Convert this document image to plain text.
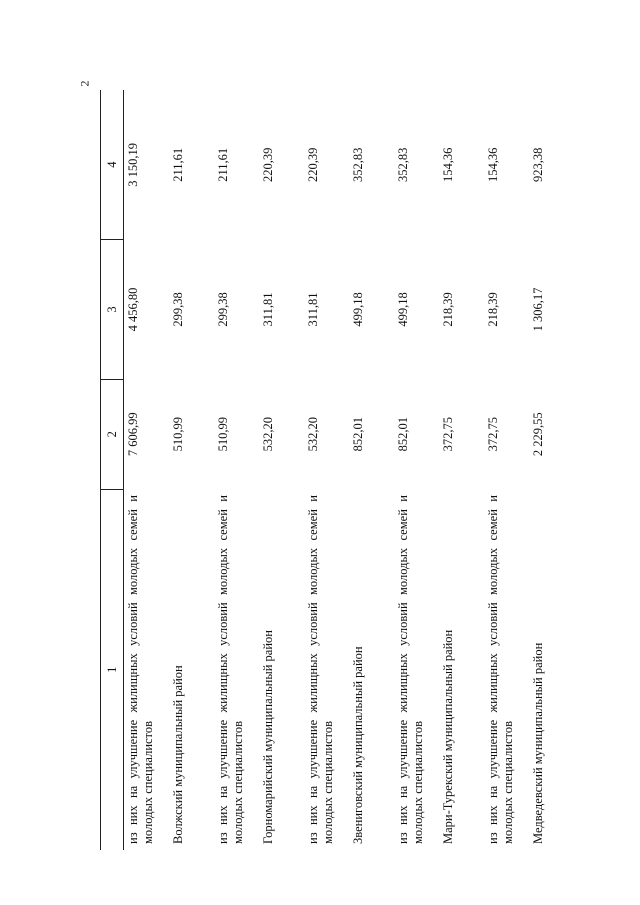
2
1	2	3	4
из них на улучшение жилищных условий молодых семей и молодых специалистов	7 606,99	4 456,80	3 150,19
Волжский муниципальный район	510,99	299,38	211,61
из них на улучшение жилищных условий молодых семей и молодых специалистов	510,99	299,38	211,61
Горномарийский муниципальный район	532,20	311,81	220,39
из них на улучшение жилищных условий молодых семей и молодых специалистов	532,20	311,81	220,39
Звениговский муниципальный район	852,01	499,18	352,83
из них на улучшение жилищных условий молодых семей и молодых специалистов	852,01	499,18	352,83
Мари-Турекский муниципальный район	372,75	218,39	154,36
из них на улучшение жилищных условий молодых семей и молодых специалистов	372,75	218,39	154,36
Медведевский муниципальный район	2 229,55	1 306,17	923,38
